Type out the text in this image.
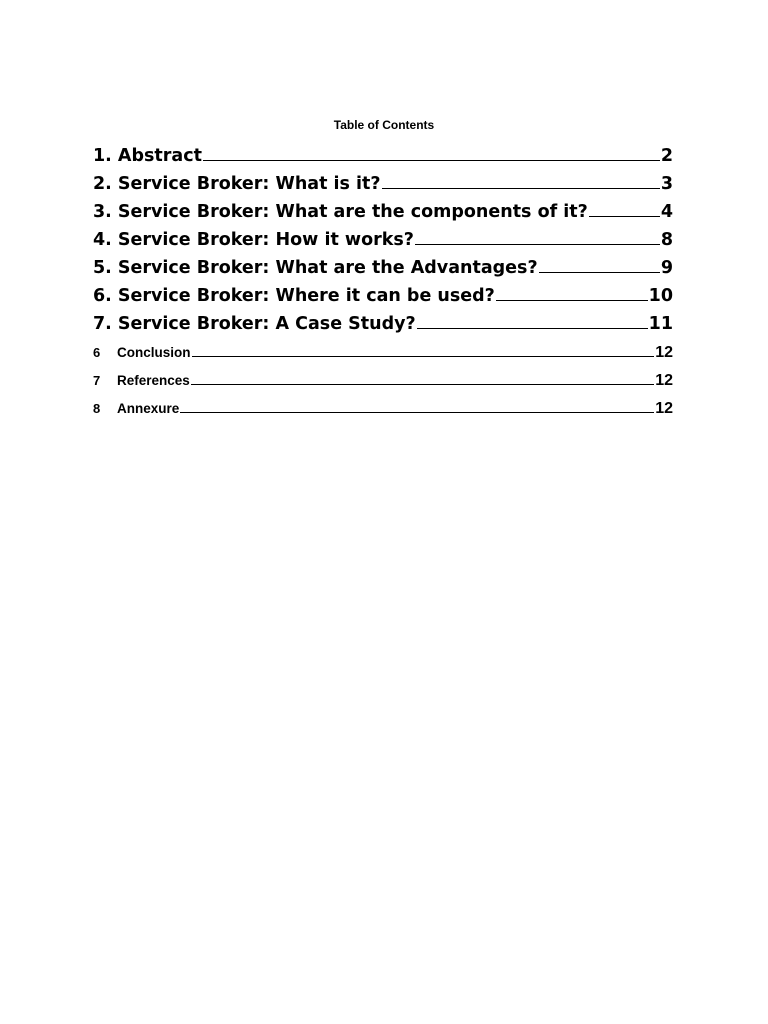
Table of Contents
1. Abstract	2
2. Service Broker: What is it?	3
3. Service Broker: What are the components of it?	4
4. Service Broker: How it works?	8
5. Service Broker: What are the Advantages?	9
6. Service Broker: Where it can be used?	10
7. Service Broker: A Case Study?	11
6	Conclusion	12
7	References	12
8	Annexure	12
